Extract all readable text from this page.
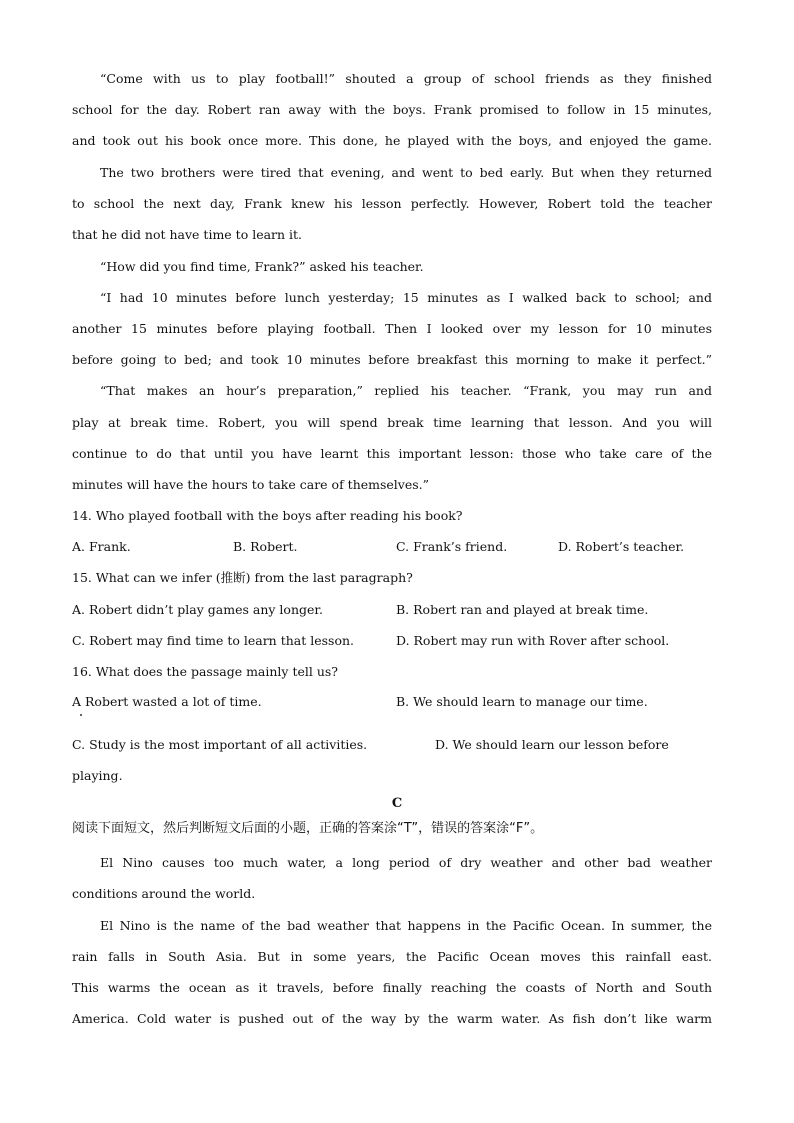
“Come with us to play football!” shouted a group of school friends as they finished
school for the day. Robert ran away with the boys. Frank promised to follow in 15 minutes,
and took out his book once more. This done, he played with the boys, and enjoyed the game.
The two brothers were tired that evening, and went to bed early. But when they returned
to school the next day, Frank knew his lesson perfectly. However, Robert told the teacher
that he did not have time to learn it.
“How did you find time, Frank?” asked his teacher.
“I had 10 minutes before lunch yesterday; 15 minutes as I walked back to school; and
another 15 minutes before playing football. Then I looked over my lesson for 10 minutes
before going to bed; and took 10 minutes before breakfast this morning to make it perfect.”
“That makes an hour’s preparation,” replied his teacher. “Frank, you may run and
play at break time. Robert, you will spend break time learning that lesson. And you will
continue to do that until you have learnt this important lesson: those who take care of the
minutes will have the hours to take care of themselves.”
14. Who played football with the boys after reading his book?
A. Frank.	B. Robert.	C. Frank’s friend.	D. Robert’s teacher.
15. What can we infer (推断) from the last paragraph?
A. Robert didn’t play games any longer.	B. Robert ran and played at break time.
C. Robert may find time to learn that lesson.	D. Robert may run with Rover after school.
16. What does the passage mainly tell us?
A Robert wasted a lot of time.	B. We should learn to manage our time.
C. Study is the most important of all activities.	D. We should learn our lesson before
playing.
C
阅读下面短文，然后判断短文后面的小题，正确的答案涂“T”，错误的答案涂“F”。
El Nino causes too much water, a long period of dry weather and other bad weather
conditions around the world.
El Nino is the name of the bad weather that happens in the Pacific Ocean. In summer, the
rain falls in South Asia. But in some years, the Pacific Ocean moves this rainfall east.
This warms the ocean as it travels, before finally reaching the coasts of North and South
America. Cold water is pushed out of the way by the warm water. As fish don’t like warm
